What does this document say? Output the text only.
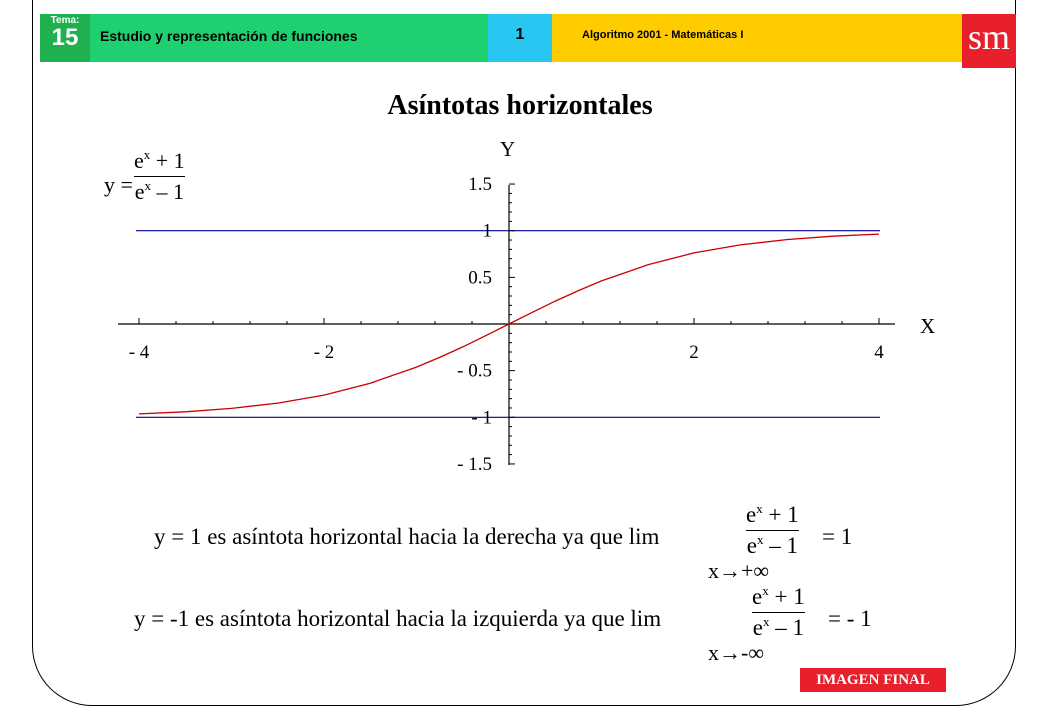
Tema:
15	Estudio y representación de funciones	1	Algoritmo 2001 - Matemáticas I	sm
Asíntotas horizontales
y =
$e^x + 1$
$e^x - 1$
- 4	- 2	2	4
1.5
1
0.5
- 0.5
- 1
- 1.5
X
Y
y = 1 es asíntota horizontal hacia la derecha ya que lim
$e^x + 1$
$e^x - 1 = 1$
x→+∞
y = -1 es asíntota horizontal hacia la izquierda ya que lim
$e^x + 1$
$e^x - 1$ = - 1
x→-∞
IMAGEN FINAL
